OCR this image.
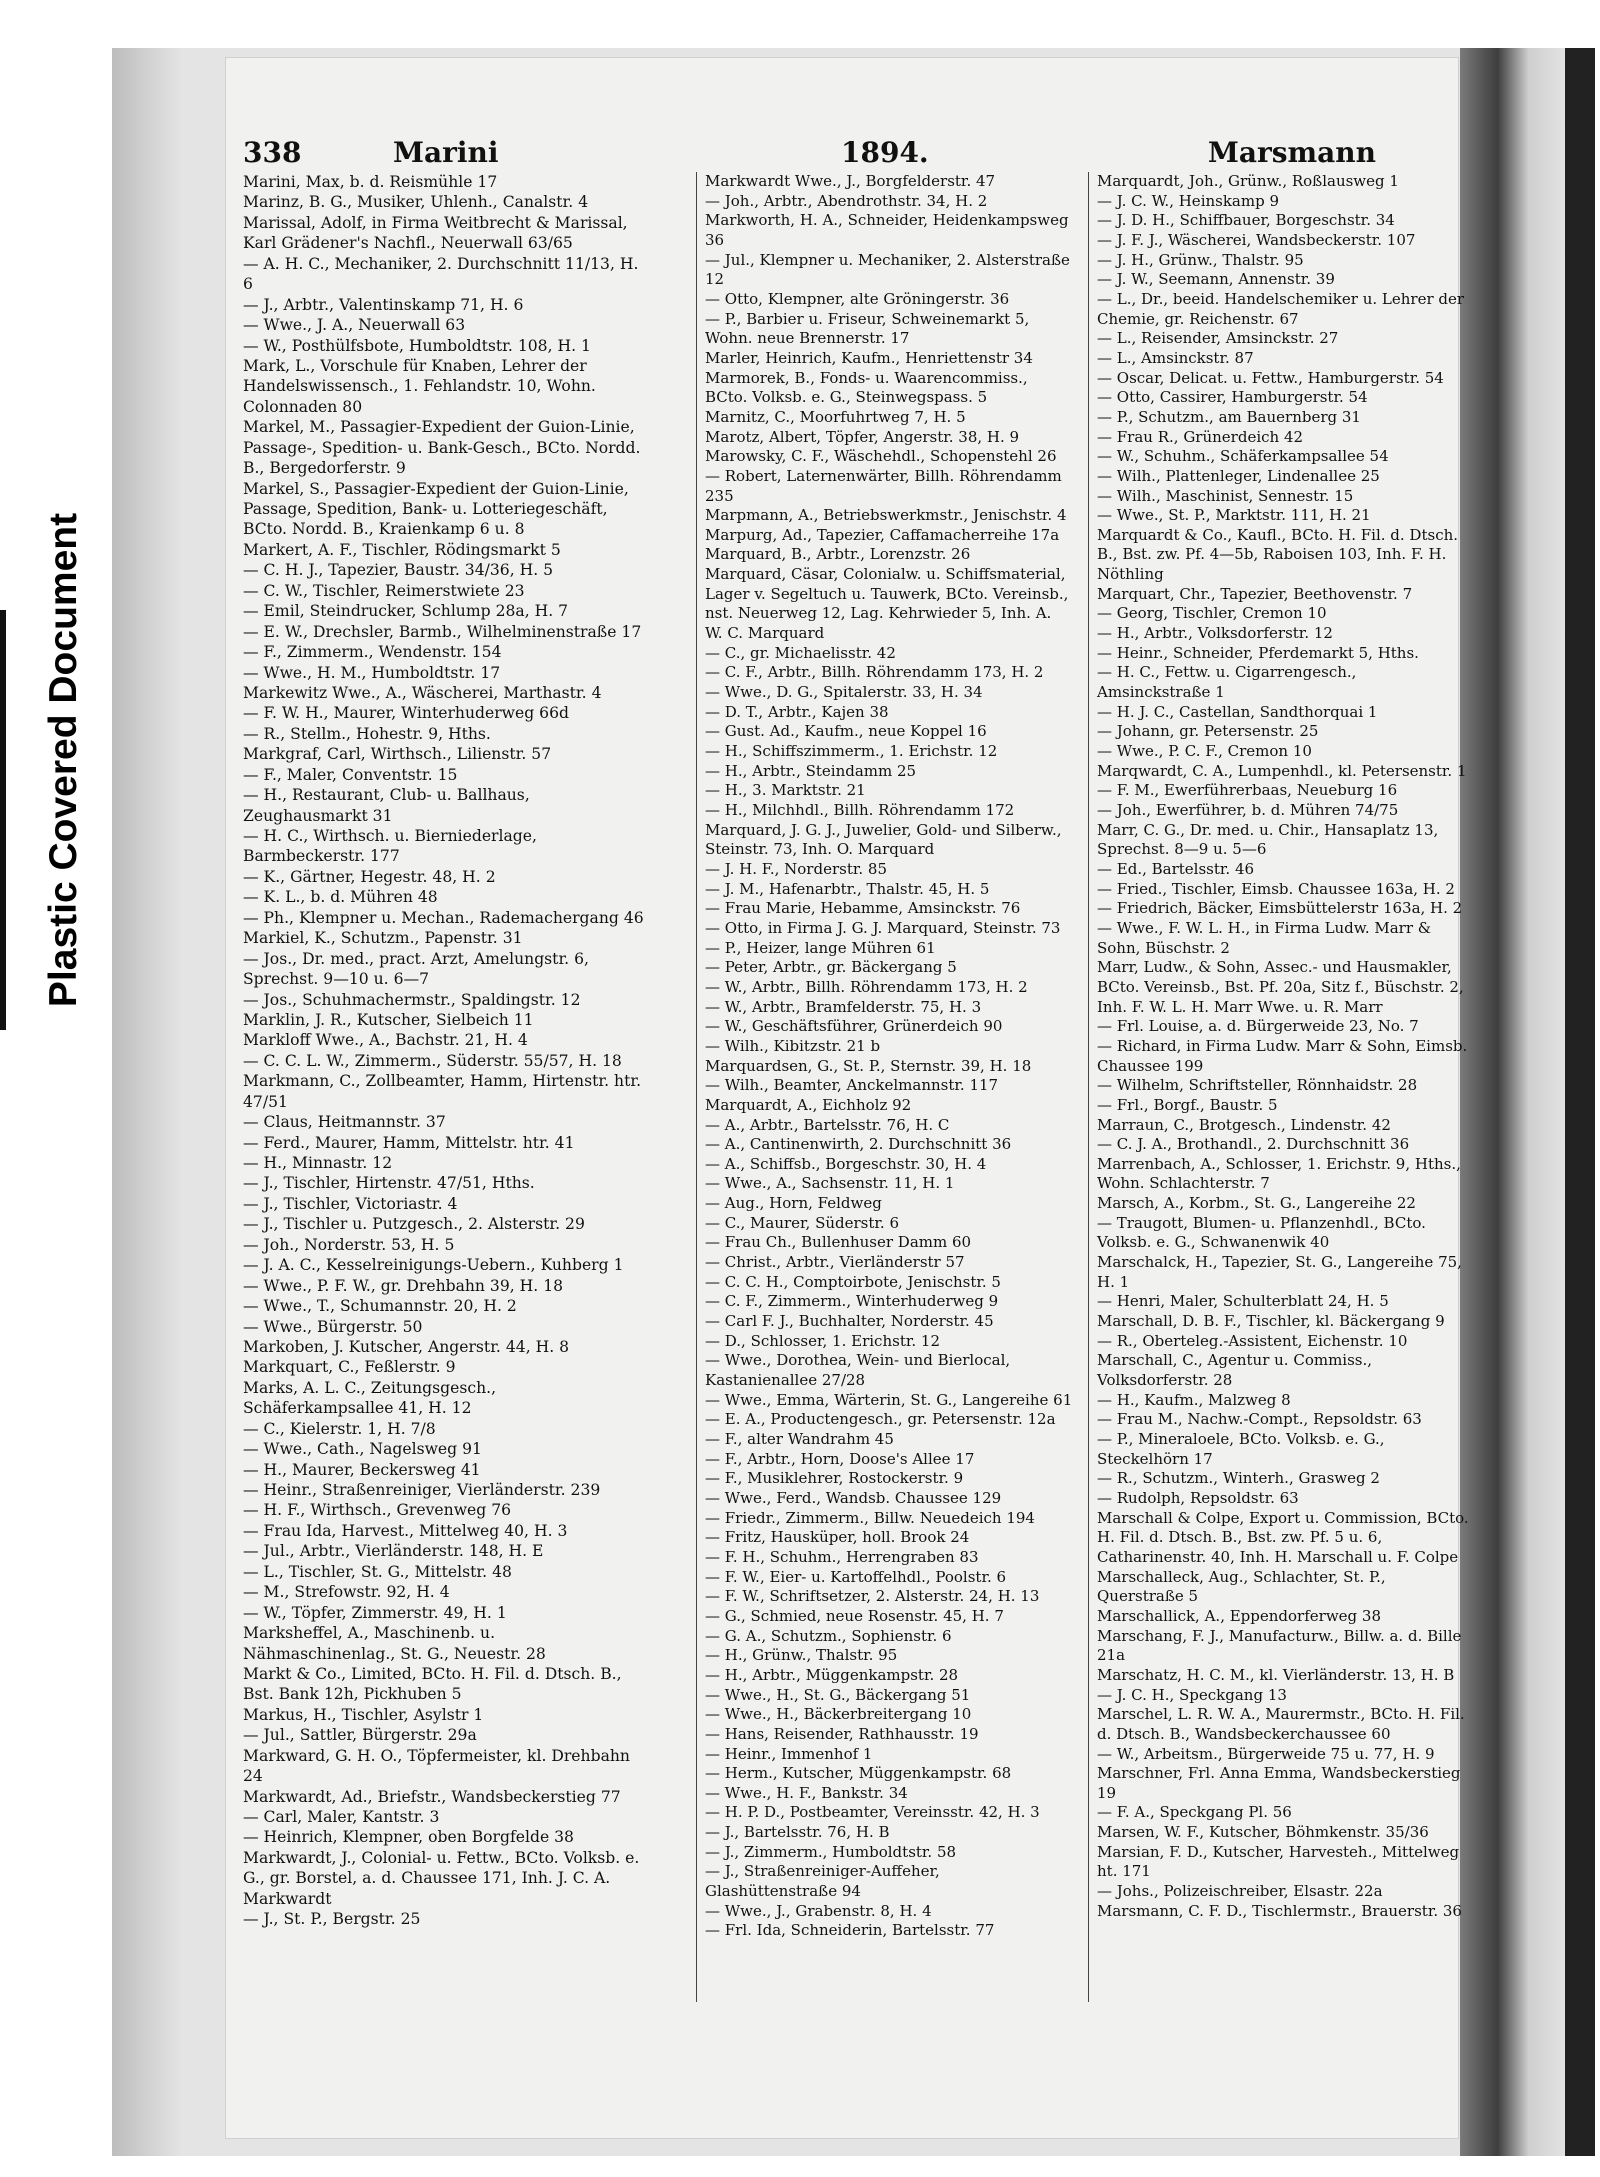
Plastic Covered Document
338	Marini	1894.	Marsmann

Marini, Max, b. d. Reismühle 17

Marinz, B. G., Musiker, Uhlenh., Canalstr. 4

Marissal, Adolf, in Firma Weitbrecht & Marissal, Karl Grädener's Nachfl., Neuerwall 63/65

— A. H. C., Mechaniker, 2. Durchschnitt 11/13, H. 6

— J., Arbtr., Valentinskamp 71, H. 6

— Wwe., J. A., Neuerwall 63

— W., Posthülfsbote, Humboldtstr. 108, H. 1

Mark, L., Vorschule für Knaben, Lehrer der Handelswissensch., 1. Fehlandstr. 10, Wohn. Colonnaden 80

Markel, M., Passagier-Expedient der Guion-Linie, Passage-, Spedition- u. Bank-Gesch., BCto. Nordd. B., Bergedorferstr. 9

Markel, S., Passagier-Expedient der Guion-Linie, Passage, Spedition, Bank- u. Lotteriegeschäft, BCto. Nordd. B., Kraienkamp 6 u. 8

Markert, A. F., Tischler, Rödingsmarkt 5

— C. H. J., Tapezier, Baustr. 34/36, H. 5

— C. W., Tischler, Reimerstwiete 23

— Emil, Steindrucker, Schlump 28a, H. 7

— E. W., Drechsler, Barmb., Wilhelminenstraße 17

— F., Zimmerm., Wendenstr. 154

— Wwe., H. M., Humboldtstr. 17

Markewitz Wwe., A., Wäscherei, Marthastr. 4

— F. W. H., Maurer, Winterhuderweg 66d

— R., Stellm., Hohestr. 9, Hths.

Markgraf, Carl, Wirthsch., Lilienstr. 57

— F., Maler, Conventstr. 15

— H., Restaurant, Club- u. Ballhaus, Zeughausmarkt 31

— H. C., Wirthsch. u. Bierniederlage, Barmbeckerstr. 177

— K., Gärtner, Hegestr. 48, H. 2

— K. L., b. d. Mühren 48

— Ph., Klempner u. Mechan., Rademachergang 46

Markiel, K., Schutzm., Papenstr. 31

— Jos., Dr. med., pract. Arzt, Amelungstr. 6, Sprechst. 9—10 u. 6—7

— Jos., Schuhmachermstr., Spaldingstr. 12

Marklin, J. R., Kutscher, Sielbeich 11

Markloff Wwe., A., Bachstr. 21, H. 4

— C. C. L. W., Zimmerm., Süderstr. 55/57, H. 18

Markmann, C., Zollbeamter, Hamm, Hirtenstr. htr. 47/51

— Claus, Heitmannstr. 37

— Ferd., Maurer, Hamm, Mittelstr. htr. 41

— H., Minnastr. 12

— J., Tischler, Hirtenstr. 47/51, Hths.

— J., Tischler, Victoriastr. 4

— J., Tischler u. Putzgesch., 2. Alsterstr. 29

— Joh., Norderstr. 53, H. 5

— J. A. C., Kesselreinigungs-Uebern., Kuhberg 1

— Wwe., P. F. W., gr. Drehbahn 39, H. 18

— Wwe., T., Schumannstr. 20, H. 2

— Wwe., Bürgerstr. 50

Markoben, J. Kutscher, Angerstr. 44, H. 8

Markquart, C., Feßlerstr. 9

Marks, A. L. C., Zeitungsgesch., Schäferkampsallee 41, H. 12

— C., Kielerstr. 1, H. 7/8

— Wwe., Cath., Nagelsweg 91

— H., Maurer, Beckersweg 41

— Heinr., Straßenreiniger, Vierländerstr. 239

— H. F., Wirthsch., Grevenweg 76

— Frau Ida, Harvest., Mittelweg 40, H. 3

— Jul., Arbtr., Vierländerstr. 148, H. E

— L., Tischler, St. G., Mittelstr. 48

— M., Strefowstr. 92, H. 4

— W., Töpfer, Zimmerstr. 49, H. 1

Marksheffel, A., Maschinenb. u. Nähmaschinenlag., St. G., Neuestr. 28

Markt & Co., Limited, BCto. H. Fil. d. Dtsch. B., Bst. Bank 12h, Pickhuben 5

Markus, H., Tischler, Asylstr 1

— Jul., Sattler, Bürgerstr. 29a

Markward, G. H. O., Töpfermeister, kl. Drehbahn 24

Markwardt, Ad., Briefstr., Wandsbeckerstieg 77

— Carl, Maler, Kantstr. 3

— Heinrich, Klempner, oben Borgfelde 38

Markwardt, J., Colonial- u. Fettw., BCto. Volksb. e. G., gr. Borstel, a. d. Chaussee 171, Inh. J. C. A. Markwardt

— J., St. P., Bergstr. 25

Markwardt Wwe., J., Borgfelderstr. 47

— Joh., Arbtr., Abendrothstr. 34, H. 2

Markworth, H. A., Schneider, Heidenkampsweg 36

— Jul., Klempner u. Mechaniker, 2. Alsterstraße 12

— Otto, Klempner, alte Gröningerstr. 36

— P., Barbier u. Friseur, Schweinemarkt 5, Wohn. neue Brennerstr. 17

Marler, Heinrich, Kaufm., Henriettenstr 34

Marmorek, B., Fonds- u. Waarencommiss., BCto. Volksb. e. G., Steinwegspass. 5

Marnitz, C., Moorfuhrtweg 7, H. 5

Marotz, Albert, Töpfer, Angerstr. 38, H. 9

Marowsky, C. F., Wäschehdl., Schopenstehl 26

— Robert, Laternenwärter, Billh. Röhrendamm 235

Marpmann, A., Betriebswerkmstr., Jenischstr. 4

Marpurg, Ad., Tapezier, Caffamacherreihe 17a

Marquard, B., Arbtr., Lorenzstr. 26

Marquard, Cäsar, Colonialw. u. Schiffsmaterial, Lager v. Segeltuch u. Tauwerk, BCto. Vereinsb., nst. Neuerweg 12, Lag. Kehrwieder 5, Inh. A. W. C. Marquard

— C., gr. Michaelisstr. 42

— C. F., Arbtr., Billh. Röhrendamm 173, H. 2

— Wwe., D. G., Spitalerstr. 33, H. 34

— D. T., Arbtr., Kajen 38

— Gust. Ad., Kaufm., neue Koppel 16

— H., Schiffszimmerm., 1. Erichstr. 12

— H., Arbtr., Steindamm 25

— H., 3. Marktstr. 21

— H., Milchhdl., Billh. Röhrendamm 172

Marquard, J. G. J., Juwelier, Gold- und Silberw., Steinstr. 73, Inh. O. Marquard

— J. H. F., Norderstr. 85

— J. M., Hafenarbtr., Thalstr. 45, H. 5

— Frau Marie, Hebamme, Amsinckstr. 76

— Otto, in Firma J. G. J. Marquard, Steinstr. 73

— P., Heizer, lange Mühren 61

— Peter, Arbtr., gr. Bäckergang 5

— W., Arbtr., Billh. Röhrendamm 173, H. 2

— W., Arbtr., Bramfelderstr. 75, H. 3

— W., Geschäftsführer, Grünerdeich 90

— Wilh., Kibitzstr. 21 b

Marquardsen, G., St. P., Sternstr. 39, H. 18

— Wilh., Beamter, Anckelmannstr. 117

Marquardt, A., Eichholz 92

— A., Arbtr., Bartelsstr. 76, H. C

— A., Cantinenwirth, 2. Durchschnitt 36

— A., Schiffsb., Borgeschstr. 30, H. 4

— Wwe., A., Sachsenstr. 11, H. 1

— Aug., Horn, Feldweg

— C., Maurer, Süderstr. 6

— Frau Ch., Bullenhuser Damm 60

— Christ., Arbtr., Vierländerstr 57

— C. C. H., Comptoirbote, Jenischstr. 5

— C. F., Zimmerm., Winterhuderweg 9

— Carl F. J., Buchhalter, Norderstr. 45

— D., Schlosser, 1. Erichstr. 12

— Wwe., Dorothea, Wein- und Bierlocal, Kastanienallee 27/28

— Wwe., Emma, Wärterin, St. G., Langereihe 61

— E. A., Productengesch., gr. Petersenstr. 12a

— F., alter Wandrahm 45

— F., Arbtr., Horn, Doose's Allee 17

— F., Musiklehrer, Rostockerstr. 9

— Wwe., Ferd., Wandsb. Chaussee 129

— Friedr., Zimmerm., Billw. Neuedeich 194

— Fritz, Hausküper, holl. Brook 24

— F. H., Schuhm., Herrengraben 83

— F. W., Eier- u. Kartoffelhdl., Poolstr. 6

— F. W., Schriftsetzer, 2. Alsterstr. 24, H. 13

— G., Schmied, neue Rosenstr. 45, H. 7

— G. A., Schutzm., Sophienstr. 6

— H., Grünw., Thalstr. 95

— H., Arbtr., Müggenkampstr. 28

— Wwe., H., St. G., Bäckergang 51

— Wwe., H., Bäckerbreitergang 10

— Hans, Reisender, Rathhausstr. 19

— Heinr., Immenhof 1

— Herm., Kutscher, Müggenkampstr. 68

— Wwe., H. F., Bankstr. 34

— H. P. D., Postbeamter, Vereinsstr. 42, H. 3

— J., Bartelsstr. 76, H. B

— J., Zimmerm., Humboldtstr. 58

— J., Straßenreiniger-Auffeher, Glashüttenstraße 94

— Wwe., J., Grabenstr. 8, H. 4

— Frl. Ida, Schneiderin, Bartelsstr. 77

Marquardt, Joh., Grünw., Roßlausweg 1

— J. C. W., Heinskamp 9

— J. D. H., Schiffbauer, Borgeschstr. 34

— J. F. J., Wäscherei, Wandsbeckerstr. 107

— J. H., Grünw., Thalstr. 95

— J. W., Seemann, Annenstr. 39

— L., Dr., beeid. Handelschemiker u. Lehrer der Chemie, gr. Reichenstr. 67

— L., Reisender, Amsinckstr. 27

— L., Amsinckstr. 87

— Oscar, Delicat. u. Fettw., Hamburgerstr. 54

— Otto, Cassirer, Hamburgerstr. 54

— P., Schutzm., am Bauernberg 31

— Frau R., Grünerdeich 42

— W., Schuhm., Schäferkampsallee 54

— Wilh., Plattenleger, Lindenallee 25

— Wilh., Maschinist, Sennestr. 15

— Wwe., St. P., Marktstr. 111, H. 21

Marquardt & Co., Kaufl., BCto. H. Fil. d. Dtsch. B., Bst. zw. Pf. 4—5b, Raboisen 103, Inh. F. H. Nöthling

Marquart, Chr., Tapezier, Beethovenstr. 7

— Georg, Tischler, Cremon 10

— H., Arbtr., Volksdorferstr. 12

— Heinr., Schneider, Pferdemarkt 5, Hths.

— H. C., Fettw. u. Cigarrengesch., Amsinckstraße 1

— H. J. C., Castellan, Sandthorquai 1

— Johann, gr. Petersenstr. 25

— Wwe., P. C. F., Cremon 10

Marqwardt, C. A., Lumpenhdl., kl. Petersenstr. 1

— F. M., Ewerführerbaas, Neueburg 16

— Joh., Ewerführer, b. d. Mühren 74/75

Marr, C. G., Dr. med. u. Chir., Hansaplatz 13, Sprechst. 8—9 u. 5—6

— Ed., Bartelsstr. 46

— Fried., Tischler, Eimsb. Chaussee 163a, H. 2

— Friedrich, Bäcker, Eimsbüttelerstr 163a, H. 2

— Wwe., F. W. L. H., in Firma Ludw. Marr & Sohn, Büschstr. 2

Marr, Ludw., & Sohn, Assec.- und Hausmakler, BCto. Vereinsb., Bst. Pf. 20a, Sitz f., Büschstr. 2, Inh. F. W. L. H. Marr Wwe. u. R. Marr

— Frl. Louise, a. d. Bürgerweide 23, No. 7

— Richard, in Firma Ludw. Marr & Sohn, Eimsb. Chaussee 199

— Wilhelm, Schriftsteller, Rönnhaidstr. 28

— Frl., Borgf., Baustr. 5

Marraun, C., Brotgesch., Lindenstr. 42

— C. J. A., Brothandl., 2. Durchschnitt 36

Marrenbach, A., Schlosser, 1. Erichstr. 9, Hths., Wohn. Schlachterstr. 7

Marsch, A., Korbm., St. G., Langereihe 22

— Traugott, Blumen- u. Pflanzenhdl., BCto. Volksb. e. G., Schwanenwik 40

Marschalck, H., Tapezier, St. G., Langereihe 75, H. 1

— Henri, Maler, Schulterblatt 24, H. 5

Marschall, D. B. F., Tischler, kl. Bäckergang 9

— R., Oberteleg.-Assistent, Eichenstr. 10

Marschall, C., Agentur u. Commiss., Volksdorferstr. 28

— H., Kaufm., Malzweg 8

— Frau M., Nachw.-Compt., Repsoldstr. 63

— P., Mineraloele, BCto. Volksb. e. G., Steckelhörn 17

— R., Schutzm., Winterh., Grasweg 2

— Rudolph, Repsoldstr. 63

Marschall & Colpe, Export u. Commission, BCto. H. Fil. d. Dtsch. B., Bst. zw. Pf. 5 u. 6, Catharinenstr. 40, Inh. H. Marschall u. F. Colpe

Marschalleck, Aug., Schlachter, St. P., Querstraße 5

Marschallick, A., Eppendorferweg 38

Marschang, F. J., Manufacturw., Billw. a. d. Bille 21a

Marschatz, H. C. M., kl. Vierländerstr. 13, H. B

— J. C. H., Speckgang 13

Marschel, L. R. W. A., Maurermstr., BCto. H. Fil. d. Dtsch. B., Wandsbeckerchaussee 60

— W., Arbeitsm., Bürgerweide 75 u. 77, H. 9

Marschner, Frl. Anna Emma, Wandsbeckerstieg 19

— F. A., Speckgang Pl. 56

Marsen, W. F., Kutscher, Böhmkenstr. 35/36

Marsian, F. D., Kutscher, Harvesteh., Mittelweg ht. 171

— Johs., Polizeischreiber, Elsastr. 22a

Marsmann, C. F. D., Tischlermstr., Brauerstr. 36
